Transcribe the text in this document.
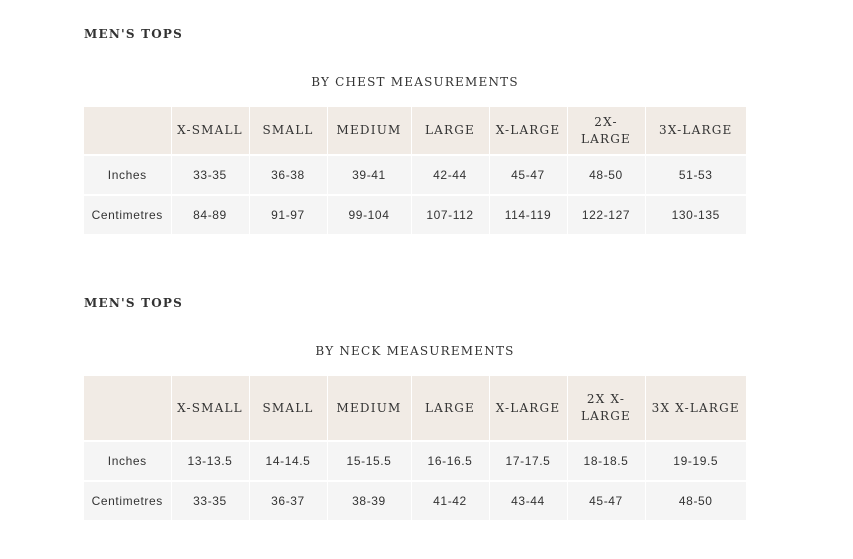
MEN'S TOPS
BY CHEST MEASUREMENTS
	X-SMALL	SMALL	MEDIUM	LARGE	X-LARGE	2X-LARGE	3X-LARGE
Inches	33-35	36-38	39-41	42-44	45-47	48-50	51-53
Centimetres	84-89	91-97	99-104	107-112	114-119	122-127	130-135
MEN'S TOPS
BY NECK MEASUREMENTS
	X-SMALL	SMALL	MEDIUM	LARGE	X-LARGE	2X X-LARGE	3X X-LARGE
Inches	13-13.5	14-14.5	15-15.5	16-16.5	17-17.5	18-18.5	19-19.5
Centimetres	33-35	36-37	38-39	41-42	43-44	45-47	48-50
